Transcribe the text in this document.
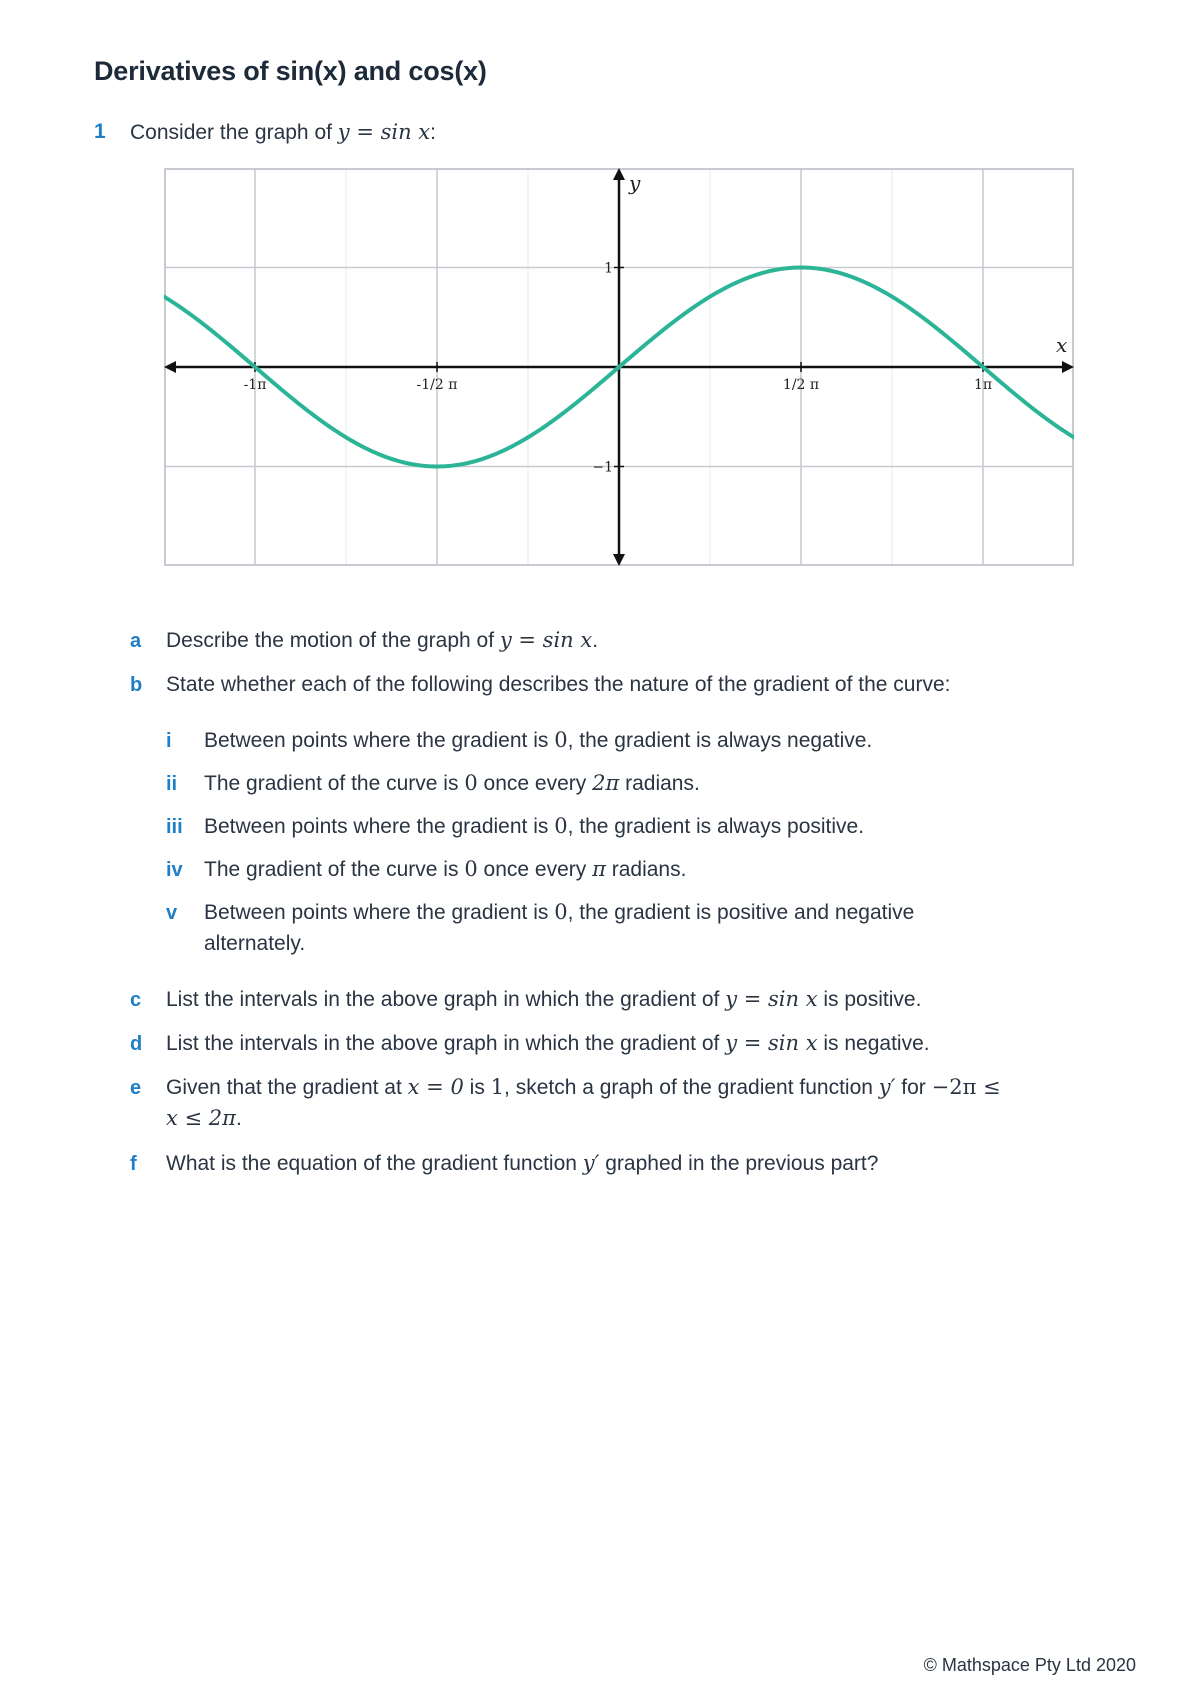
Derivatives of sin(x) and cos(x)
1 Consider the graph of y = sin x:
x
y
-1π	-1/2 π	1/2 π	1π
1
−1
a Describe the motion of the graph of y = sin x.
b State whether each of the following describes the nature of the gradient of the curve:
i Between points where the gradient is 0, the gradient is always negative.
ii The gradient of the curve is 0 once every 2π radians.
iii Between points where the gradient is 0, the gradient is always positive.
iv The gradient of the curve is 0 once every π radians.
v Between points where the gradient is 0, the gradient is positive and negative
alternately.
c List the intervals in the above graph in which the gradient of y = sin x is positive.
d List the intervals in the above graph in which the gradient of y = sin x is negative.
e Given that the gradient at x = 0 is 1, sketch a graph of the gradient function y′ for −2π ≤
x ≤ 2π.
f What is the equation of the gradient function y′ graphed in the previous part?
© Mathspace Pty Ltd 2020
